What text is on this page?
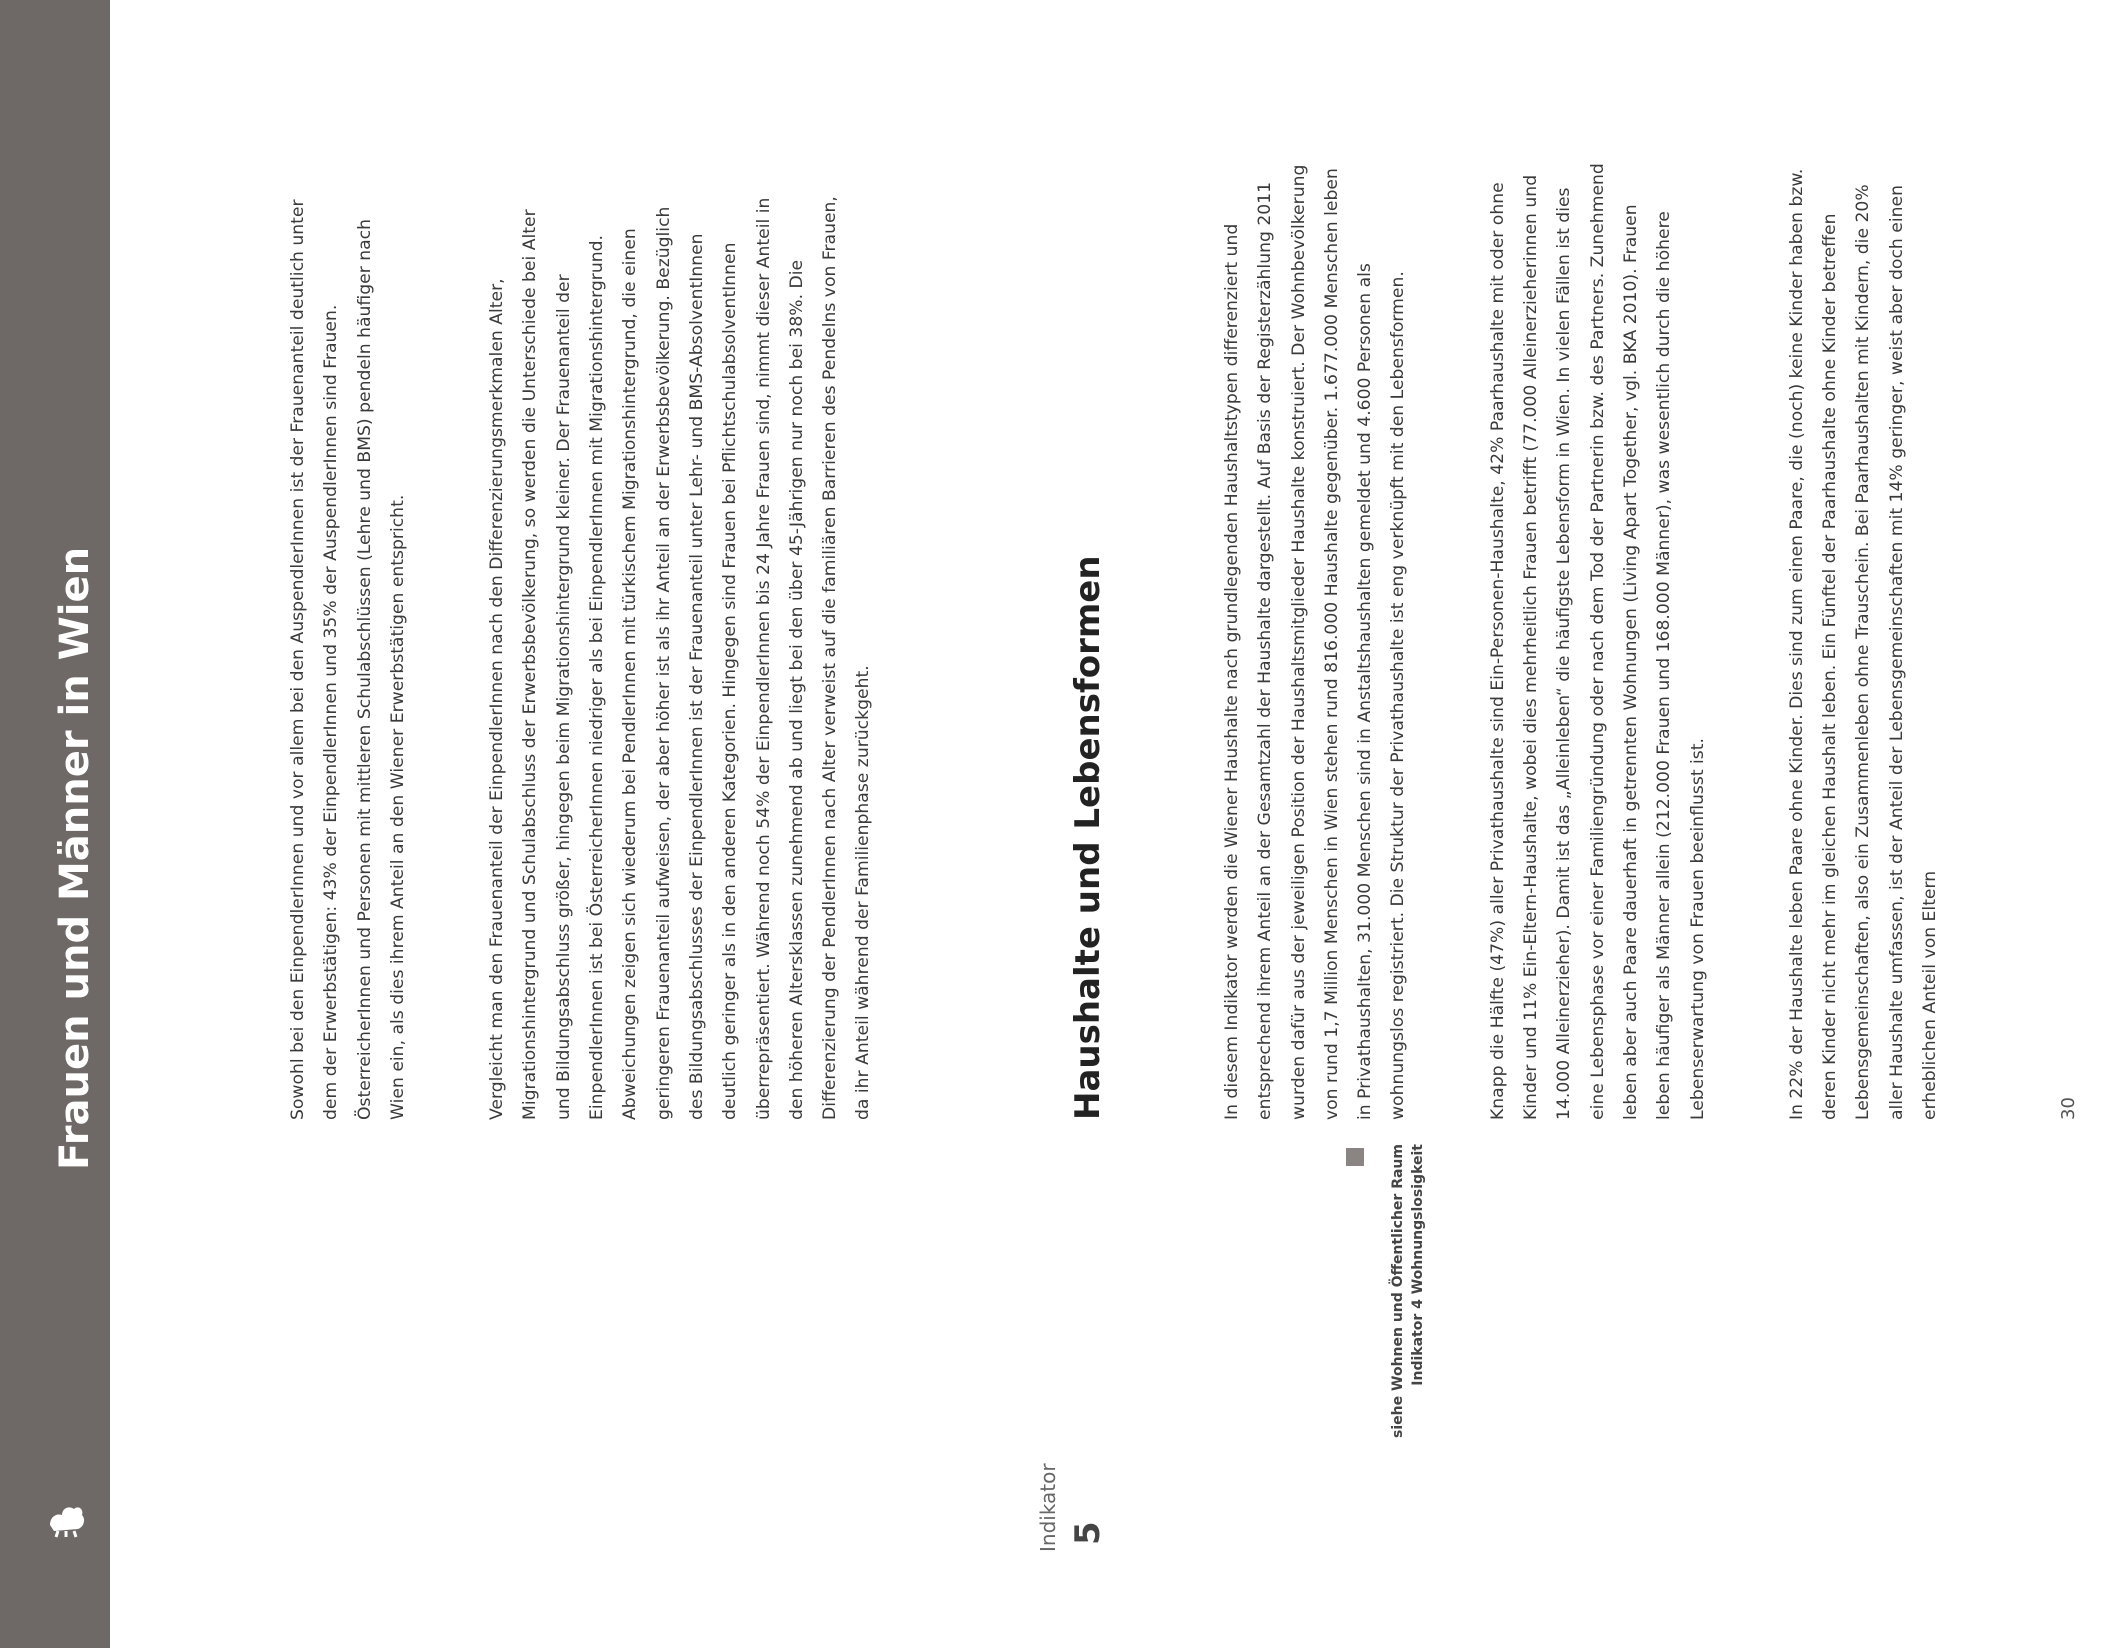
Frauen und Männer in Wien	Sowohl bei den EinpendlerInnen und vor allem bei den AuspendlerInnen ist der Frauenanteil deutlich unter dem der Erwerbstätigen: 43% der EinpendlerInnen und 35% der AuspendlerInnen sind Frauen. ÖsterreicherInnen und Personen mit mittleren Schulabschlüssen (Lehre und BMS) pendeln häufiger nach Wien ein, als dies ihrem Anteil an den Wiener Erwerbstätigen entspricht.	Vergleicht man den Frauenanteil der EinpendlerInnen nach den Differenzierungsmerkmalen Alter, Migrationshintergrund und Schulabschluss der Erwerbsbevölkerung, so werden die Unterschiede bei Alter und Bildungsabschluss größer, hingegen beim Migrationshintergrund kleiner. Der Frauenanteil der EinpendlerInnen ist bei ÖsterreicherInnen niedriger als bei EinpendlerInnen mit Migrationshintergrund. Abweichungen zeigen sich wiederum bei PendlerInnen mit türkischem Migrationshintergrund, die einen geringeren Frauenanteil aufweisen, der aber höher ist als ihr Anteil an der Erwerbsbevölkerung. Bezüglich des Bildungsabschlusses der EinpendlerInnen ist der Frauenanteil unter Lehr- und BMS-AbsolventInnen deutlich geringer als in den anderen Kategorien. Hingegen sind Frauen bei PflichtschulabsolventInnen überrepräsentiert. Während noch 54% der EinpendlerInnen bis 24 Jahre Frauen sind, nimmt dieser Anteil in den höheren Altersklassen zunehmend ab und liegt bei den über 45-Jährigen nur noch bei 38%. Die Differenzierung der PendlerInnen nach Alter verweist auf die familiären Barrieren des Pendelns von Frauen, da ihr Anteil während der Familienphase zurückgeht.

Indikator 5
Haushalte und Lebensformen
siehe Wohnen und Öffentlicher Raum Indikator 4 Wohnungslosigkeit

In diesem Indikator werden die Wiener Haushalte nach grundlegenden Haushaltstypen differenziert und entsprechend ihrem Anteil an der Gesamtzahl der Haushalte dargestellt. Auf Basis der Registerzählung 2011 wurden dafür aus der jeweiligen Position der Haushaltsmitglieder Haushalte konstruiert. Der Wohnbevölkerung von rund 1,7 Million Menschen in Wien stehen rund 816.000 Haushalte gegenüber. 1.677.000 Menschen leben in Privathaushalten, 31.000 Menschen sind in Anstaltshaushalten gemeldet und 4.600 Personen als wohnungslos registriert. Die Struktur der Privathaushalte ist eng verknüpft mit den Lebensformen.	Knapp die Hälfte (47%) aller Privathaushalte sind Ein-Personen-Haushalte, 42% Paarhaushalte mit oder ohne Kinder und 11% Ein-Eltern-Haushalte, wobei dies mehrheitlich Frauen betrifft (77.000 Alleinerzieherinnen und 14.000 Alleinerzieher). Damit ist das „Alleinleben“ die häufigste Lebensform in Wien. In vielen Fällen ist dies eine Lebensphase vor einer Familiengründung oder nach dem Tod der Partnerin bzw. des Partners. Zunehmend leben aber auch Paare dauerhaft in getrennten Wohnungen (Living Apart Together, vgl. BKA 2010). Frauen leben häufiger als Männer allein (212.000 Frauen und 168.000 Männer), was wesentlich durch die höhere Lebenserwartung von Frauen beeinflusst ist.	In 22% der Haushalte leben Paare ohne Kinder. Dies sind zum einen Paare, die (noch) keine Kinder haben bzw. deren Kinder nicht mehr im gleichen Haushalt leben. Ein Fünftel der Paarhaushalte ohne Kinder betreffen Lebensgemeinschaften, also ein Zusammenleben ohne Trauschein. Bei Paarhaushalten mit Kindern, die 20% aller Haushalte umfassen, ist der Anteil der Lebensgemeinschaften mit 14% geringer, weist aber doch einen erheblichen Anteil von Eltern	30
